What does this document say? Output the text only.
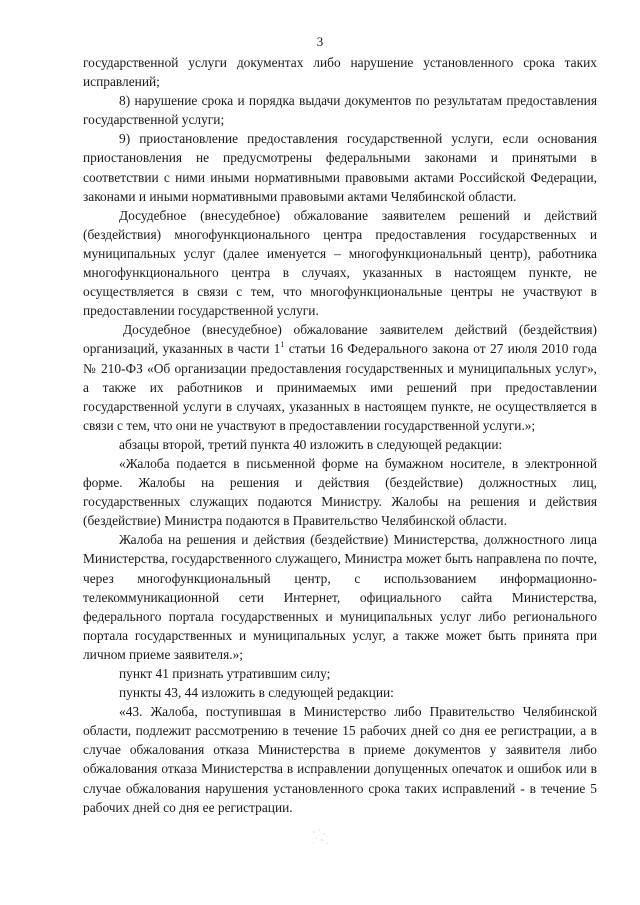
3

государственной услуги документах либо нарушение установленного срока таких исправлений;

8) нарушение срока и порядка выдачи документов по результатам предоставления государственной услуги;

9) приостановление предоставления государственной услуги, если основания приостановления не предусмотрены федеральными законами и принятыми в соответствии с ними иными нормативными правовыми актами Российской Федерации, законами и иными нормативными правовыми актами Челябинской области.

Досудебное (внесудебное) обжалование заявителем решений и действий (бездействия) многофункционального центра предоставления государственных и муниципальных услуг (далее именуется – многофункциональный центр), работника многофункционального центра в случаях, указанных в настоящем пункте, не осуществляется в связи с тем, что многофункциональные центры не участвуют в предоставлении государственной услуги.

Досудебное (внесудебное) обжалование заявителем действий (бездействия) организаций, указанных в части $1^1$ статьи 16 Федерального закона от 27 июля 2010 года № 210-ФЗ «Об организации предоставления государственных и муниципальных услуг», а также их работников и принимаемых ими решений при предоставлении государственной услуги в случаях, указанных в настоящем пункте, не осуществляется в связи с тем, что они не участвуют в предоставлении государственной услуги.»;

абзацы второй, третий пункта 40 изложить в следующей редакции:

«Жалоба подается в письменной форме на бумажном носителе, в электронной форме. Жалобы на решения и действия (бездействие) должностных лиц, государственных служащих подаются Министру. Жалобы на решения и действия (бездействие) Министра подаются в Правительство Челябинской области.

Жалоба на решения и действия (бездействие) Министерства, должностного лица Министерства, государственного служащего, Министра может быть направлена по почте, через многофункциональный центр, с использованием информационно-телекоммуникационной сети Интернет, официального сайта Министерства, федерального портала государственных и муниципальных услуг либо регионального портала государственных и муниципальных услуг, а также может быть принята при личном приеме заявителя.»;

пункт 41 признать утратившим силу;

пункты 43, 44 изложить в следующей редакции:

«43. Жалоба, поступившая в Министерство либо Правительство Челябинской области, подлежит рассмотрению в течение 15 рабочих дней со дня ее регистрации, а в случае обжалования отказа Министерства в приеме документов у заявителя либо обжалования отказа Министерства в исправлении допущенных опечаток и ошибок или в случае обжалования нарушения установленного срока таких исправлений - в течение 5 рабочих дней со дня ее регистрации.
